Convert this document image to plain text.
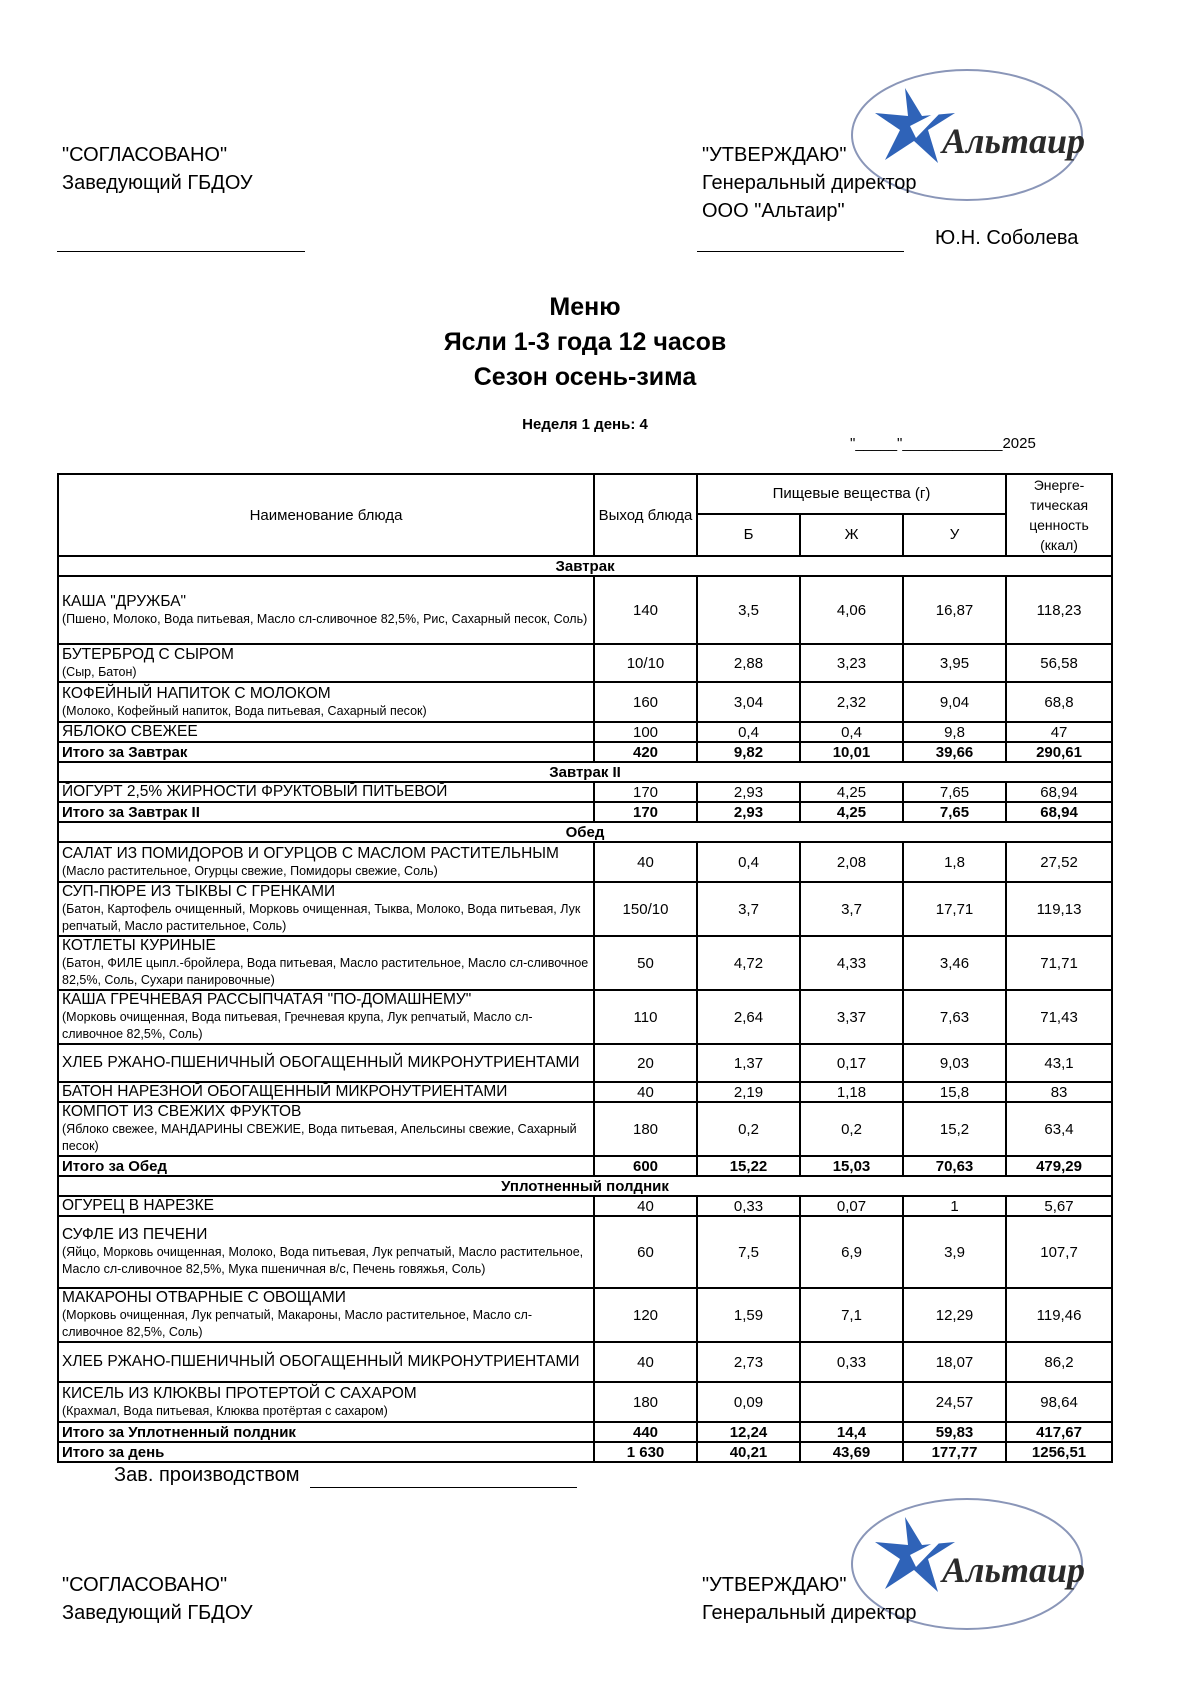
Альтаир
"СОГЛАСОВАНО"
Заведующий ГБДОУ
"УТВЕРЖДАЮ"
Генеральный директор
ООО "Альтаир"
Ю.Н. Соболева
Меню
Ясли 1-3 года 12 часов
Сезон осень-зима
Неделя 1 день: 4
"_____"____________2025
Наименование блюда	Выход блюда	Пищевые вещества (г)			Энерге-тическая ценность (ккал)
		Б	Ж	У	
Завтрак					

КАША "ДРУЖБА"
(Пшено, Молоко, Вода питьевая, Масло сл-сливочное 82,5%, Рис, Сахарный песок, Соль)	140	3,5	4,06	16,87	118,23

БУТЕРБРОД С СЫРОМ
(Сыр, Батон)	10/10	2,88	3,23	3,95	56,58

КОФЕЙНЫЙ НАПИТОК С МОЛОКОМ
(Молоко, Кофейный напиток, Вода питьевая, Сахарный песок)	160	3,04	2,32	9,04	68,8

ЯБЛОКО СВЕЖЕЕ	100	0,4	0,4	9,8	47
Итого за Завтрак	420	9,82	10,01	39,66	290,61
Завтрак II					

ЙОГУРТ 2,5% ЖИРНОСТИ ФРУКТОВЫЙ ПИТЬЕВОЙ	170	2,93	4,25	7,65	68,94
Итого за Завтрак II	170	2,93	4,25	7,65	68,94
Обед					

САЛАТ ИЗ ПОМИДОРОВ И ОГУРЦОВ С МАСЛОМ РАСТИТЕЛЬНЫМ
(Масло растительное, Огурцы свежие, Помидоры свежие, Соль)	40	0,4	2,08	1,8	27,52

СУП-ПЮРЕ ИЗ ТЫКВЫ С ГРЕНКАМИ
(Батон, Картофель очищенный, Морковь очищенная, Тыква, Молоко, Вода питьевая, Лук репчатый, Масло растительное, Соль)	150/10	3,7	3,7	17,71	119,13

КОТЛЕТЫ КУРИНЫЕ
(Батон, ФИЛЕ цыпл.-бройлера, Вода питьевая, Масло растительное, Масло сл-сливочное 82,5%, Соль, Сухари панировочные)	50	4,72	4,33	3,46	71,71

КАША ГРЕЧНЕВАЯ РАССЫПЧАТАЯ "ПО-ДОМАШНЕМУ"
(Морковь очищенная, Вода питьевая, Гречневая крупа, Лук репчатый, Масло сл-сливочное 82,5%, Соль)	110	2,64	3,37	7,63	71,43

ХЛЕБ РЖАНО-ПШЕНИЧНЫЙ ОБОГАЩЕННЫЙ МИКРОНУТРИЕНТАМИ	20	1,37	0,17	9,03	43,1

БАТОН НАРЕЗНОЙ ОБОГАЩЕННЫЙ МИКРОНУТРИЕНТАМИ	40	2,19	1,18	15,8	83

КОМПОТ ИЗ СВЕЖИХ ФРУКТОВ
(Яблоко свежее, МАНДАРИНЫ СВЕЖИЕ, Вода питьевая, Апельсины свежие, Сахарный песок)	180	0,2	0,2	15,2	63,4
Итого за Обед	600	15,22	15,03	70,63	479,29
Уплотненный полдник					

ОГУРЕЦ В НАРЕЗКЕ	40	0,33	0,07	1	5,67

СУФЛЕ ИЗ ПЕЧЕНИ
(Яйцо, Морковь очищенная, Молоко, Вода питьевая, Лук репчатый, Масло растительное, Масло сл-сливочное 82,5%, Мука пшеничная в/с, Печень говяжья, Соль)	60	7,5	6,9	3,9	107,7

МАКАРОНЫ ОТВАРНЫЕ С ОВОЩАМИ
(Морковь очищенная, Лук репчатый, Макароны, Масло растительное, Масло сл-сливочное 82,5%, Соль)	120	1,59	7,1	12,29	119,46

ХЛЕБ РЖАНО-ПШЕНИЧНЫЙ ОБОГАЩЕННЫЙ МИКРОНУТРИЕНТАМИ	40	2,73	0,33	18,07	86,2

КИСЕЛЬ ИЗ КЛЮКВЫ ПРОТЕРТОЙ С САХАРОМ
(Крахмал, Вода питьевая, Клюква протёртая с сахаром)	180	0,09		24,57	98,64
Итого за Уплотненный полдник	440	12,24	14,4	59,83	417,67
Итого за день	1 630	40,21	43,69	177,77	1256,51
Зав. производством
Альтаир
"СОГЛАСОВАНО"
Заведующий ГБДОУ
"УТВЕРЖДАЮ"
Генеральный директор
